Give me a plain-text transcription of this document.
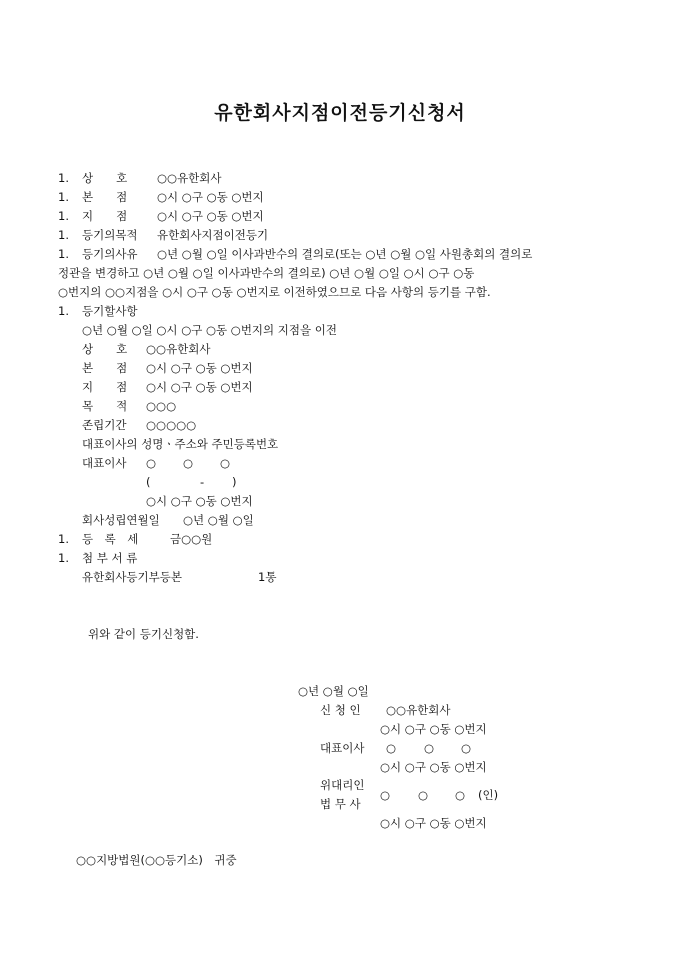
유한회사지점이전등기신청서
1. 상　　호	○○유한회사
1. 본　　점	○시 ○구 ○동 ○번지
1. 지　　점	○시 ○구 ○동 ○번지
1. 등기의목적 유한회사지점이전등기
1. 등기의사유 ○년 ○월 ○일 이사과반수의 결의로(또는 ○년 ○월 ○일 사원총회의 결의로
정관을 변경하고 ○년 ○월 ○일 이사과반수의 결의로) ○년 ○월 ○일 ○시 ○구 ○동
○번지의 ○○지점을 ○시 ○구 ○동 ○번지로 이전하였으므로 다음 사항의 등기를 구함.
1. 등기할사항
○년 ○월 ○일 ○시 ○구 ○동 ○번지의 지점을 이전
상　　호 ○○유한회사
본　　점 ○시 ○구 ○동 ○번지
지　　점 ○시 ○구 ○동 ○번지
목　　적 ○○○
존립기간 ○○○○○
대표이사의 성명ㆍ주소와 주민등록번호
대표이사 ○ ○ ○
(	- )
○시 ○구 ○동 ○번지
회사성립연월일 ○년 ○월 ○일
1. 등　록　세	금○○원
1. 첨 부 서 류
유한회사등기부등본	1통
위와 같이 등기신청함.
○년 ○월 ○일
신 청 인 ○○유한회사
○시 ○구 ○동 ○번지
대표이사 ○ ○ ○
○시 ○구 ○동 ○번지
위대리인
법 무 사
○ ○ ○ (인)
○시 ○구 ○동 ○번지
○○지방법원(○○등기소)　귀중
